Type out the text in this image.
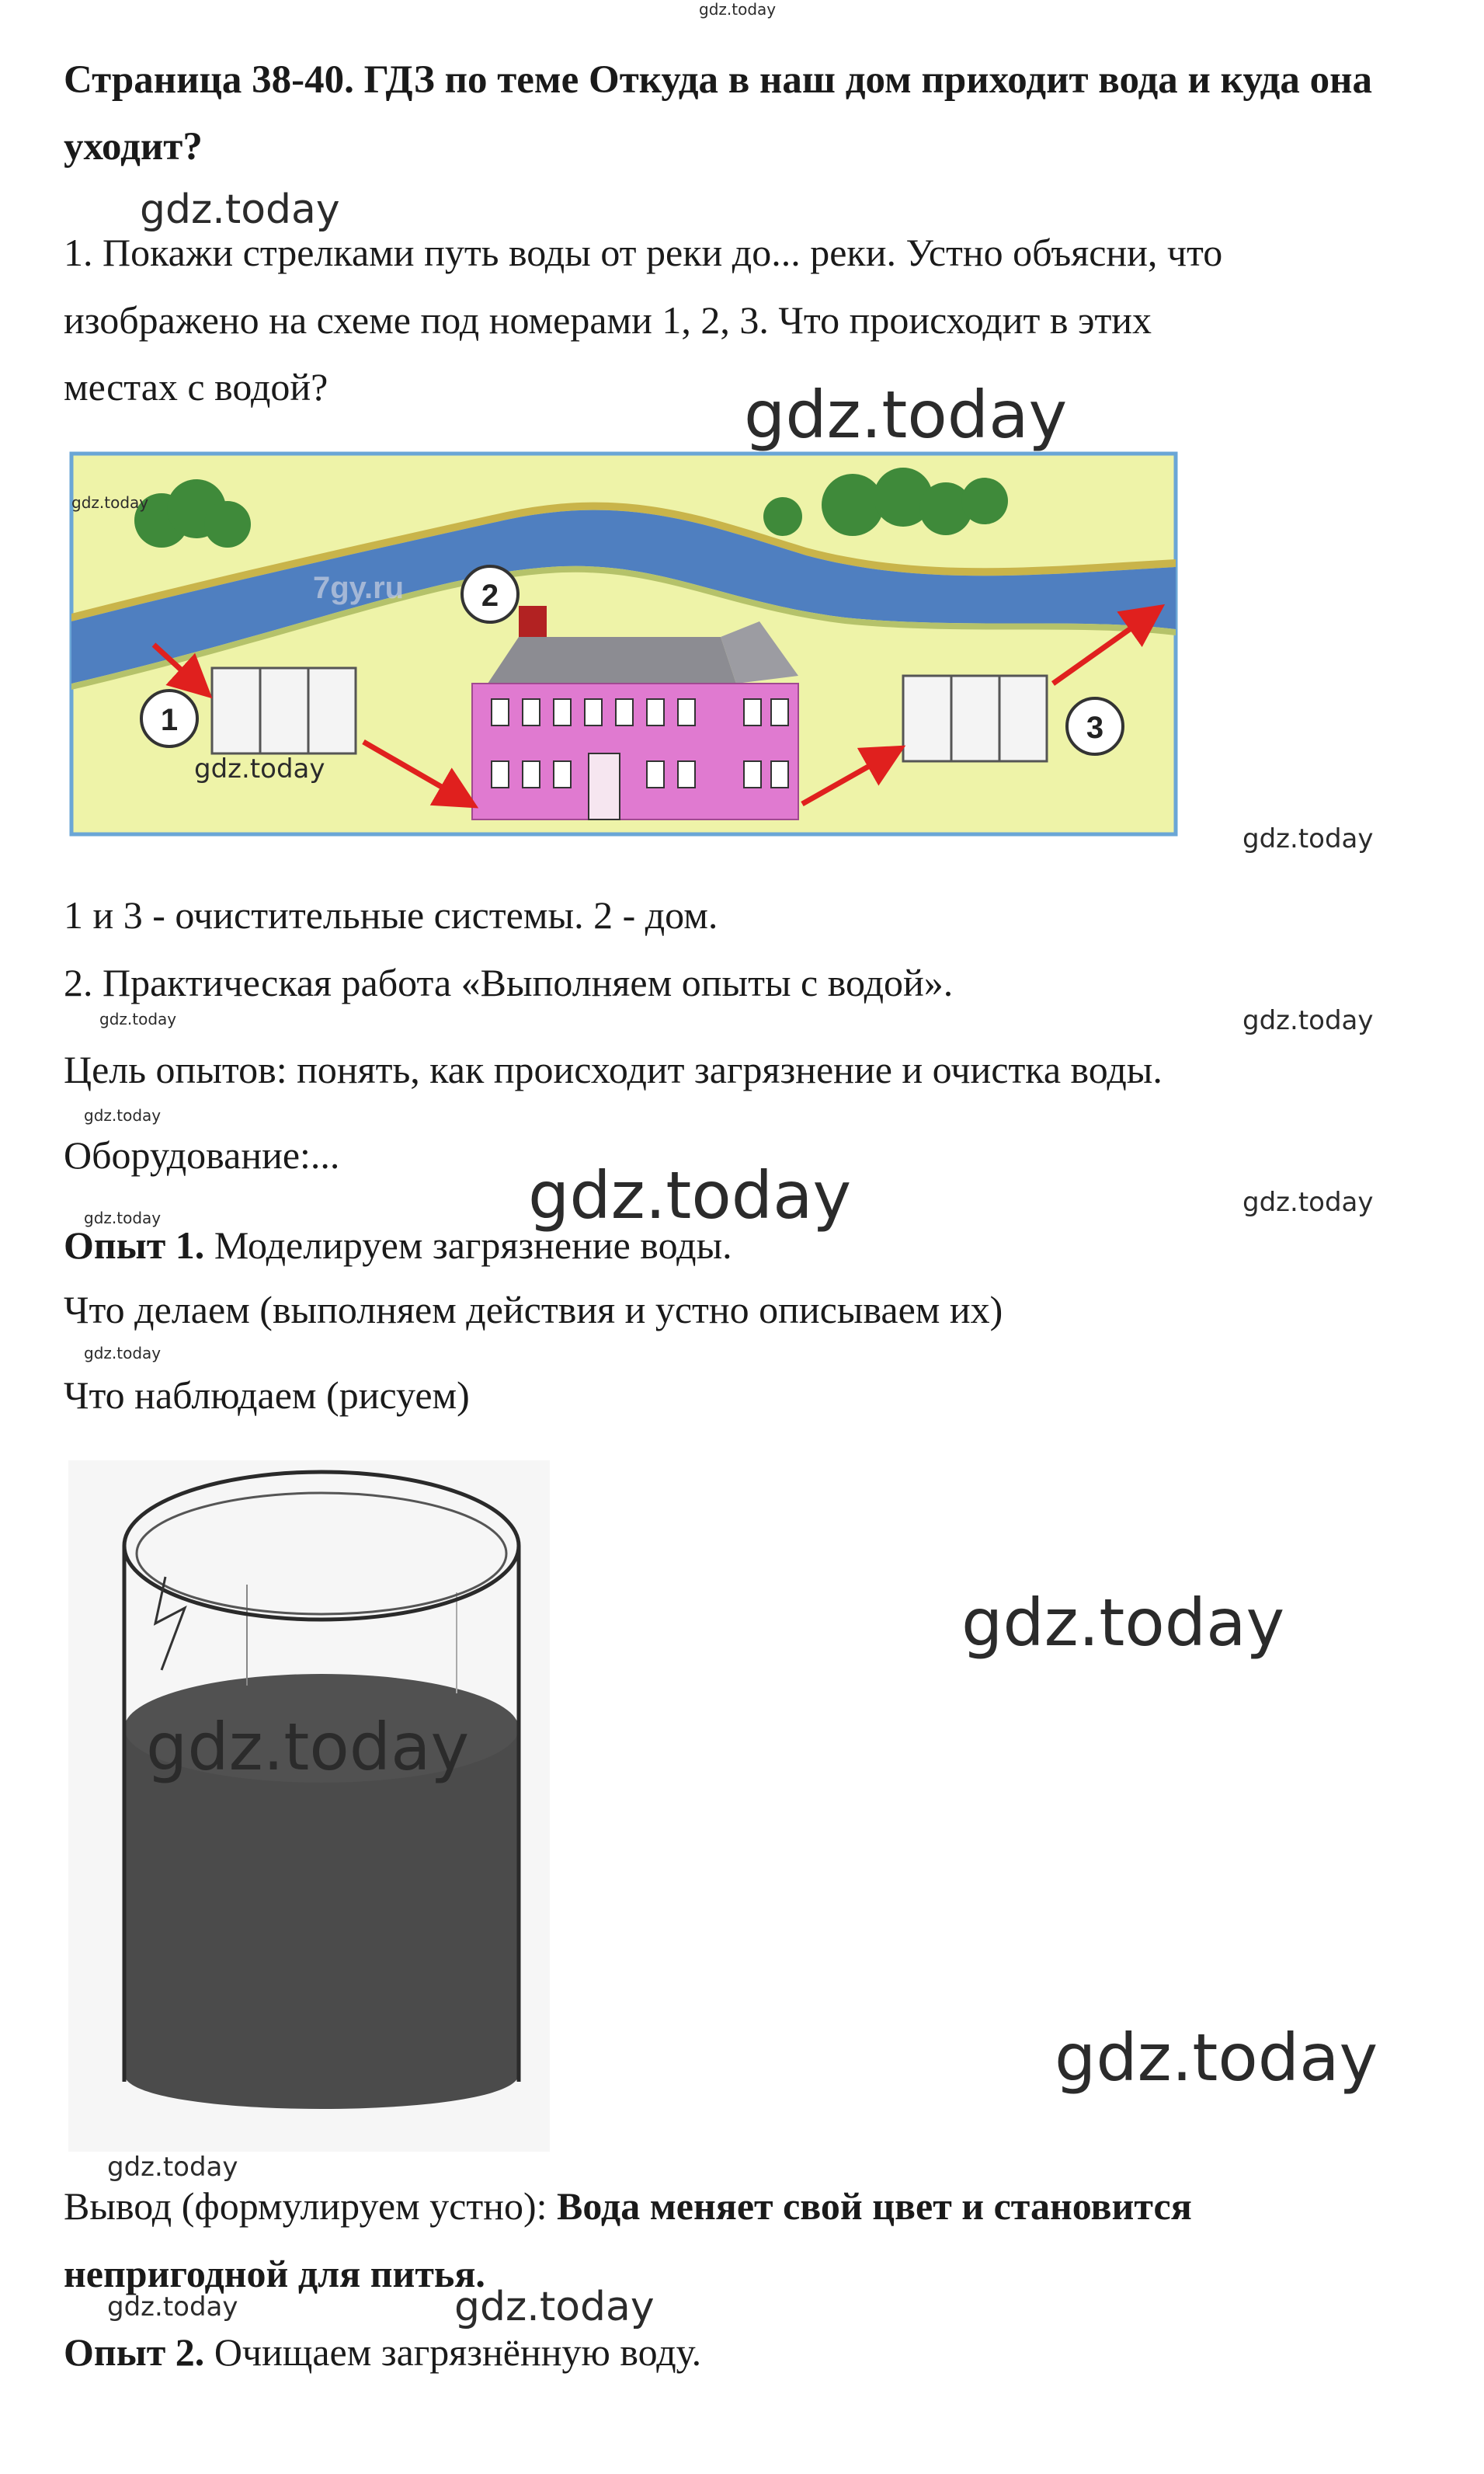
gdz.today
Страница 38-40. ГДЗ по теме Откуда в наш дом приходит вода и куда она уходит?
gdz.today
1. Покажи стрелками путь воды от реки до... реки. Устно объясни, что
изображено на схеме под номерами 1, 2, 3. Что происходит в этих
местах с водой?	gdz.today
1
2
3
7gy.ru
gdz.today
gdz.today
gdz.today
1 и 3 - очистительные системы. 2 - дом.
2. Практическая работа «Выполняем опыты с водой».
gdz.today	gdz.today
Цель опытов: понять, как происходит загрязнение и очистка воды.
gdz.today
Оборудование:...
gdz.today	gdz.today
gdz.today
Опыт 1. Моделируем загрязнение воды.
Что делаем (выполняем действия и устно описываем их)
gdz.today
Что наблюдаем (рисуем)
gdz.today
gdz.today
gdz.today
gdz.today
Вывод (формулируем устно): Вода меняет свой цвет и становится
непригодной для питья.
gdz.today	gdz.today
Опыт 2. Очищаем загрязнённую воду.
